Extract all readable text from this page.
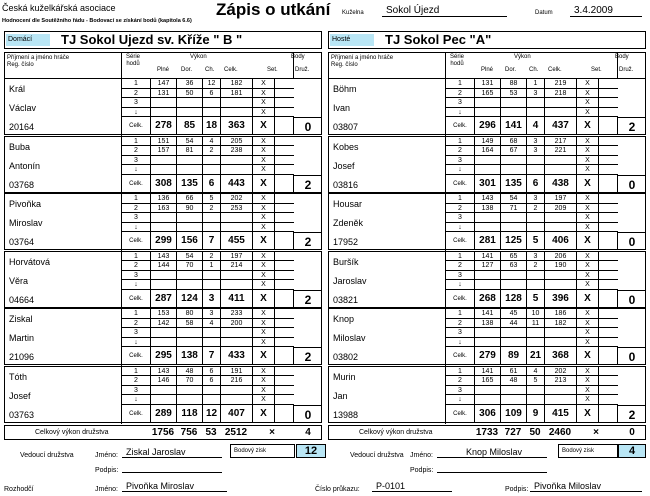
Česká kuželkářská asociace
Hodnocení dle Soutěžního řádu - Bodovací se získání bodů (kapitola 6.6)
Zápis o utkání Kuželna	Sokol Újezd	Datum	3.4.2009
Domácí	TJ Sokol Ujezd sv. Kříže " B "	Hosté	TJ Sokol Pec "A"
Příjmení a jméno hráče
Reg. číslo
Série
hodů
Výkon	Body
Plné Dor. Ch. Celk.	Set.	Druž.
Král
Václav
20164
1	147	36	12	182	X
2	131	50	6	181	X
3	X
↓	X
Celk.	278	85	18	363	X	0
Buba
Antonín
03768
1	151	54	4	205	X
2	157	81	2	238	X
3	X
↓	X
Celk.	308 135	6	443	X	2
Pivoňka
Miroslav
03764
1	136	66	5	202	X
2	163	90	2	253	X
3	X
↓	X
Celk.	299 156	7	455	X	2
Horvátová
Věra
04664
1	143	54	2	197	X
2	144	70	1	214	X
3	X
↓	X
Celk.	287 124	3	411	X	2
Ziskal
Martin
21096
1	153	80	3	233	X
2	142	58	4	200	X
3	X
↓	X
Celk.	295 138	7	433	X	2
Tóth
Josef
03763
1	143	48	6	191	X
2	146	70	6	216	X
3	X
↓	X
Celk.	289 118 12	407	X	0
Příjmení a jméno hráče
Reg. číslo
Série
hodů
Výkon	Body
Plné Dor. Ch. Celk.	Set.	Druž.
Böhm
Ivan
03807
1	131	88	1	219	X
2	165	53	3	218	X
3	X
↓	X
Celk.	296 141	4	437	X	2
Kobes
Josef
03816
1	149	68	3	217	X
2	164	67	3	221	X
3	X
↓	X
Celk.	301 135	6	438	X	0
Housar
Zdeněk
17952
1	143	54	3	197	X
2	138	71	2	209	X
3	X
↓	X
Celk.	281 125	5	406	X	0
Buršík
Jaroslav
03821
1	141	65	3	206	X
2	127	63	2	190	X
3	X
↓	X
Celk.	268 128	5	396	X	0
Knop
Miloslav
03802
1	141	45	10	186	X
2	138	44	11	182	X
3	X
↓	X
Celk.	279	89	21	368	X	0
Murin
Jan
13988
1	141	61	4	202	X
2	165	48	5	213	X
3	X
↓	X
Celk.	306 109	9	415	X	2
Celkový výkon družstva	1756 756 53 2512	×	4	Celkový výkon družstva	1733 727 50 2460	×	0
Vedoucí družstva	Jméno: Ziskal Jaroslav	Bodový zisk	12
Podpis:
Vedoucí družstva Jméno:	Knop Miloslav	Bodový zisk	4
Podpis:
Rozhodčí	Jméno: Pivoňka Miroslav	Číslo průkazu:	P-0101	Podpis: Pivoňka Miloslav
